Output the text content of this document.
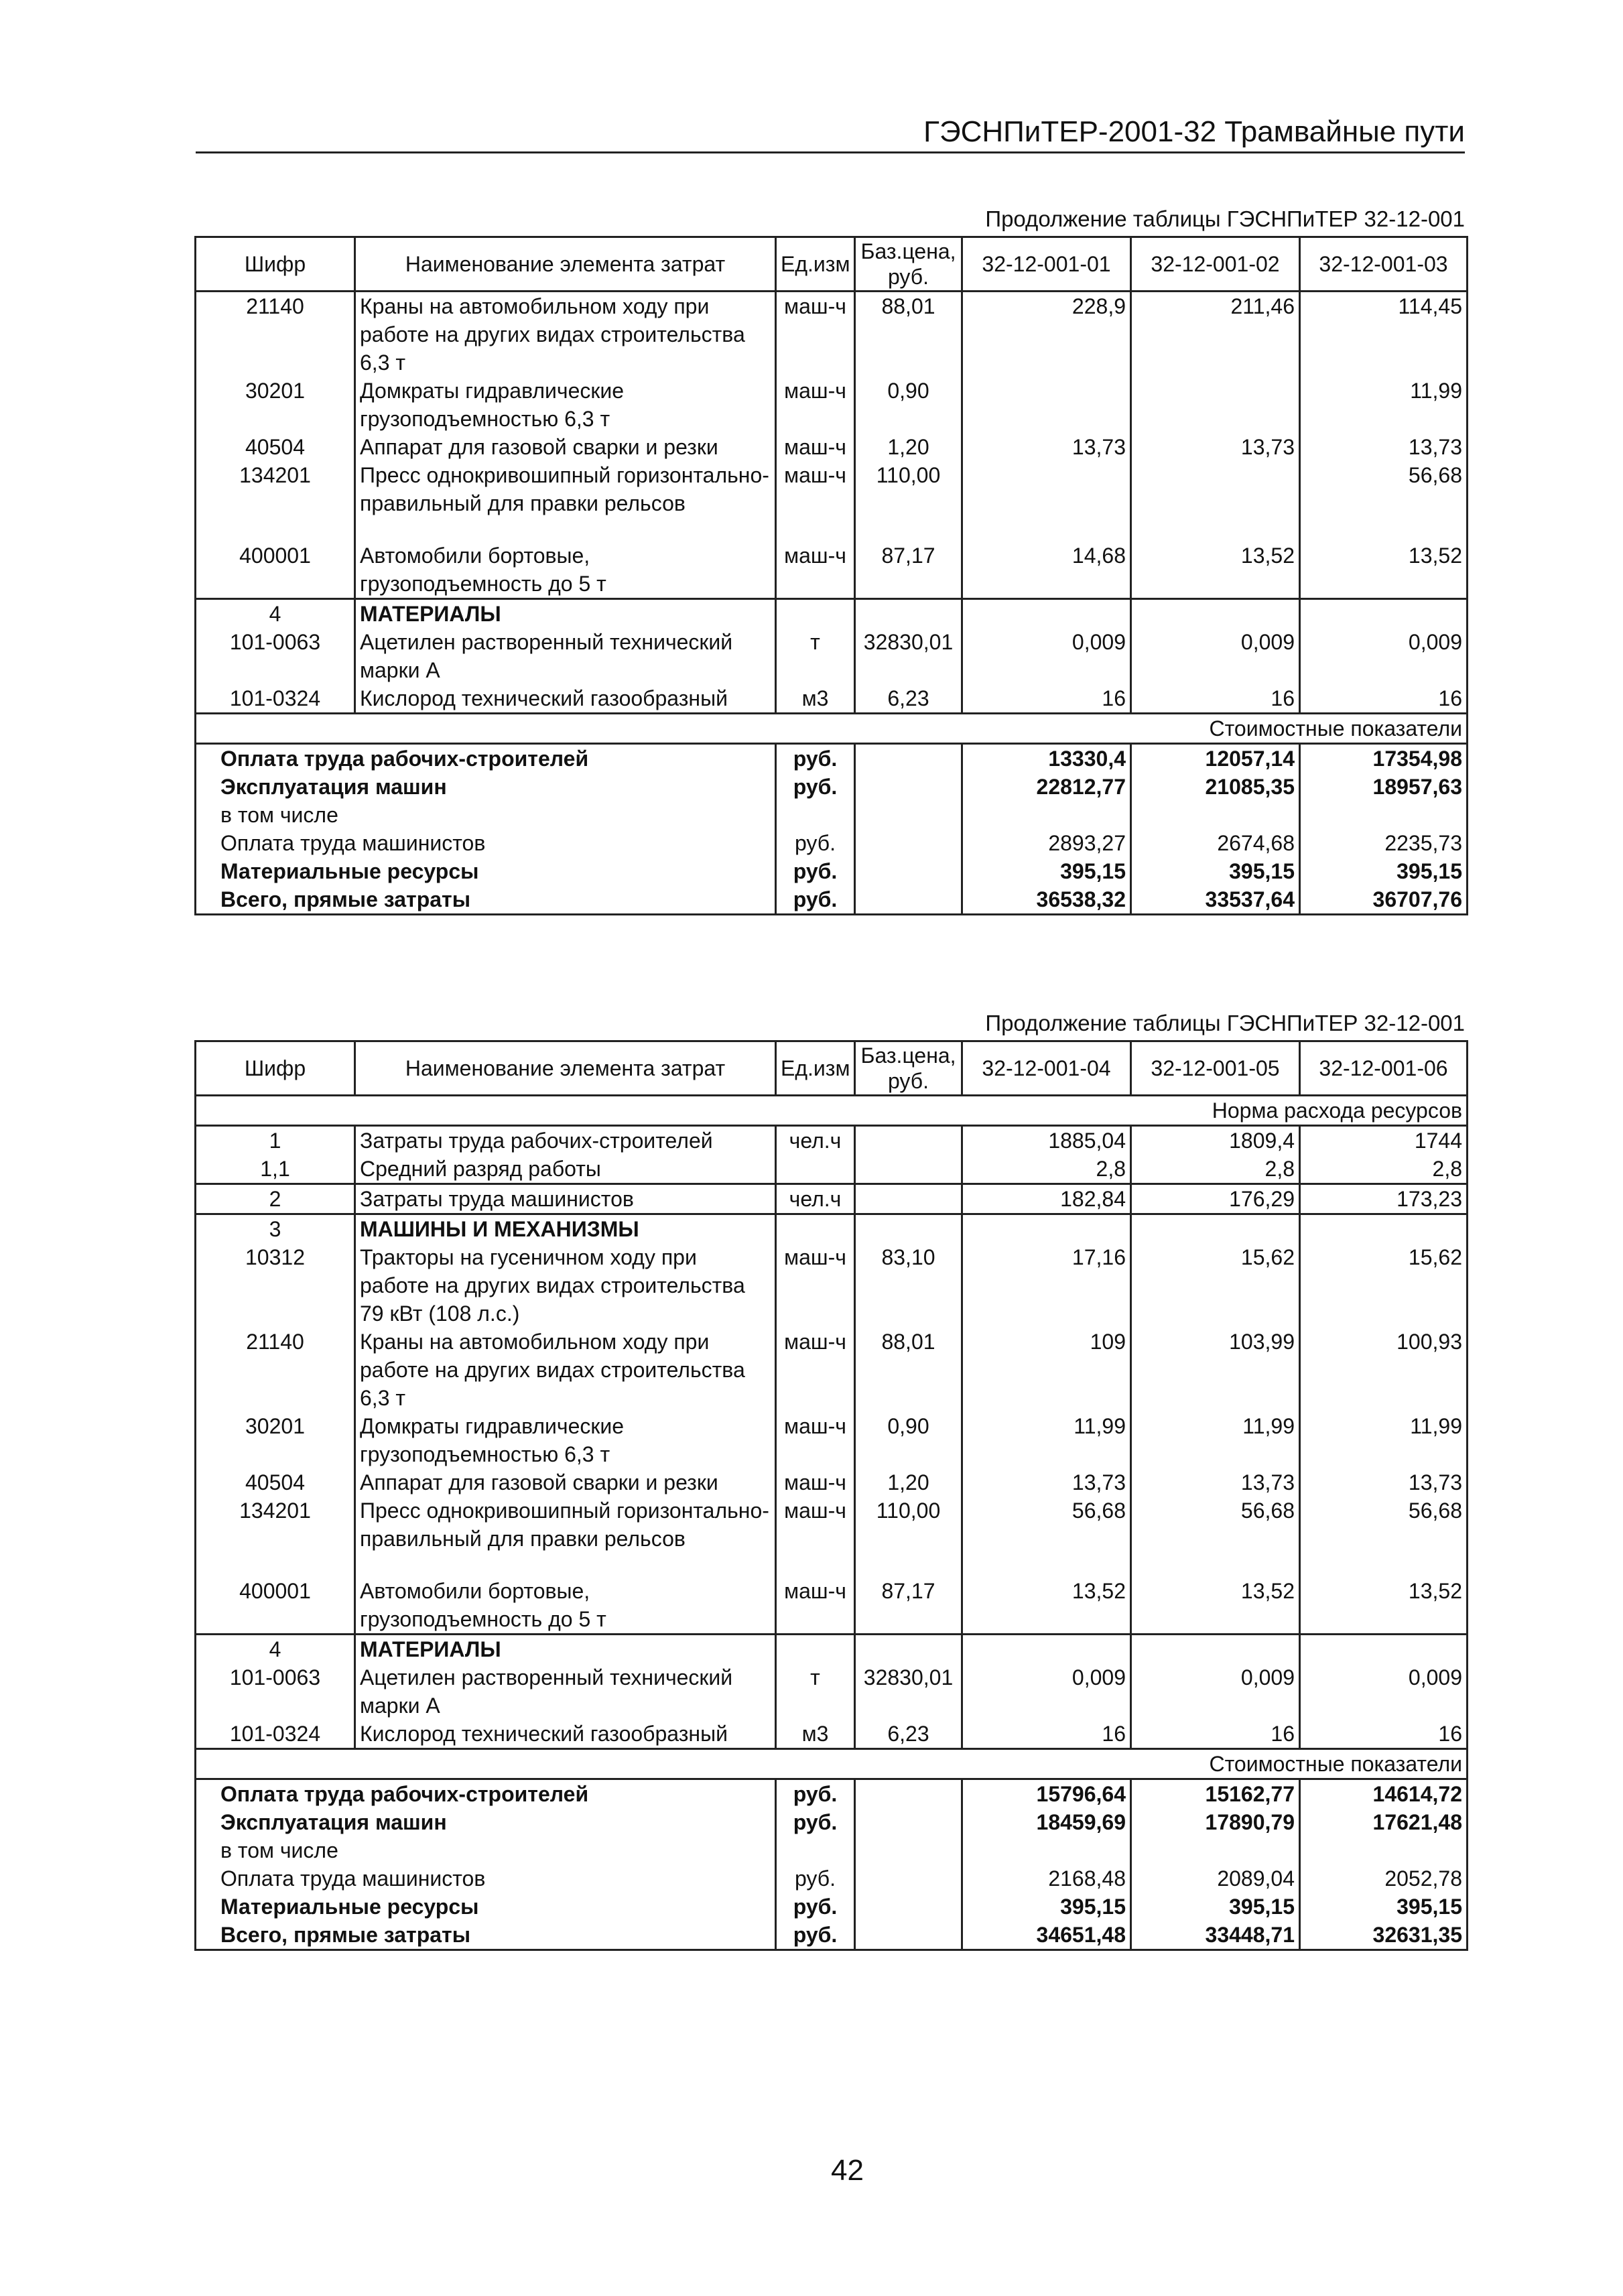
ГЭСНПиТЕР-2001-32 Трамвайные пути
Продолжение таблицы ГЭСНПиТЕР 32-12-001
Шифр	Наименование элемента затрат	Ед.изм	Баз.цена, руб.	32-12-001-01	32-12-001-02	32-12-001-03
21140	Краны на автомобильном ходу при работе на других видах строительства 6,3 т	маш-ч	88,01	228,9	211,46	114,45
30201	Домкраты гидравлические грузоподъемностью 6,3 т	маш-ч	0,90			11,99
40504	Аппарат для газовой сварки и резки	маш-ч	1,20	13,73	13,73	13,73
134201	Пресс однокривошипный горизонтально-правильный для правки рельсов	маш-ч	110,00			56,68

400001	Автомобили бортовые, грузоподъемность до 5 т	маш-ч	87,17	14,68	13,52	13,52
4	МАТЕРИАЛЫ					
101-0063	Ацетилен растворенный технический марки А	т	32830,01	0,009	0,009	0,009
101-0324	Кислород технический газообразный	м3	6,23	16	16	16
Стоимостные показатели						
Оплата труда рабочих-строителей		руб.		13330,4	12057,14	17354,98
Эксплуатация машин		руб.		22812,77	21085,35	18957,63
в том числе						
Оплата труда машинистов		руб.		2893,27	2674,68	2235,73
Материальные ресурсы		руб.		395,15	395,15	395,15
Всего, прямые затраты		руб.		36538,32	33537,64	36707,76
Продолжение таблицы ГЭСНПиТЕР 32-12-001
Шифр	Наименование элемента затрат	Ед.изм	Баз.цена, руб.	32-12-001-04	32-12-001-05	32-12-001-06
Норма расхода ресурсов						
1	Затраты труда рабочих-строителей	чел.ч		1885,04	1809,4	1744
1,1	Средний разряд работы			2,8	2,8	2,8
2	Затраты труда машинистов	чел.ч		182,84	176,29	173,23
3	МАШИНЫ И МЕХАНИЗМЫ					
10312	Тракторы на гусеничном ходу при работе на других видах строительства 79 кВт (108 л.с.)	маш-ч	83,10	17,16	15,62	15,62
21140	Краны на автомобильном ходу при работе на других видах строительства 6,3 т	маш-ч	88,01	109	103,99	100,93
30201	Домкраты гидравлические грузоподъемностью 6,3 т	маш-ч	0,90	11,99	11,99	11,99
40504	Аппарат для газовой сварки и резки	маш-ч	1,20	13,73	13,73	13,73
134201	Пресс однокривошипный горизонтально-правильный для правки рельсов	маш-ч	110,00	56,68	56,68	56,68

400001	Автомобили бортовые, грузоподъемность до 5 т	маш-ч	87,17	13,52	13,52	13,52
4	МАТЕРИАЛЫ					
101-0063	Ацетилен растворенный технический марки А	т	32830,01	0,009	0,009	0,009
101-0324	Кислород технический газообразный	м3	6,23	16	16	16
Стоимостные показатели						
Оплата труда рабочих-строителей		руб.		15796,64	15162,77	14614,72
Эксплуатация машин		руб.		18459,69	17890,79	17621,48
в том числе						
Оплата труда машинистов		руб.		2168,48	2089,04	2052,78
Материальные ресурсы		руб.		395,15	395,15	395,15
Всего, прямые затраты		руб.		34651,48	33448,71	32631,35
42
